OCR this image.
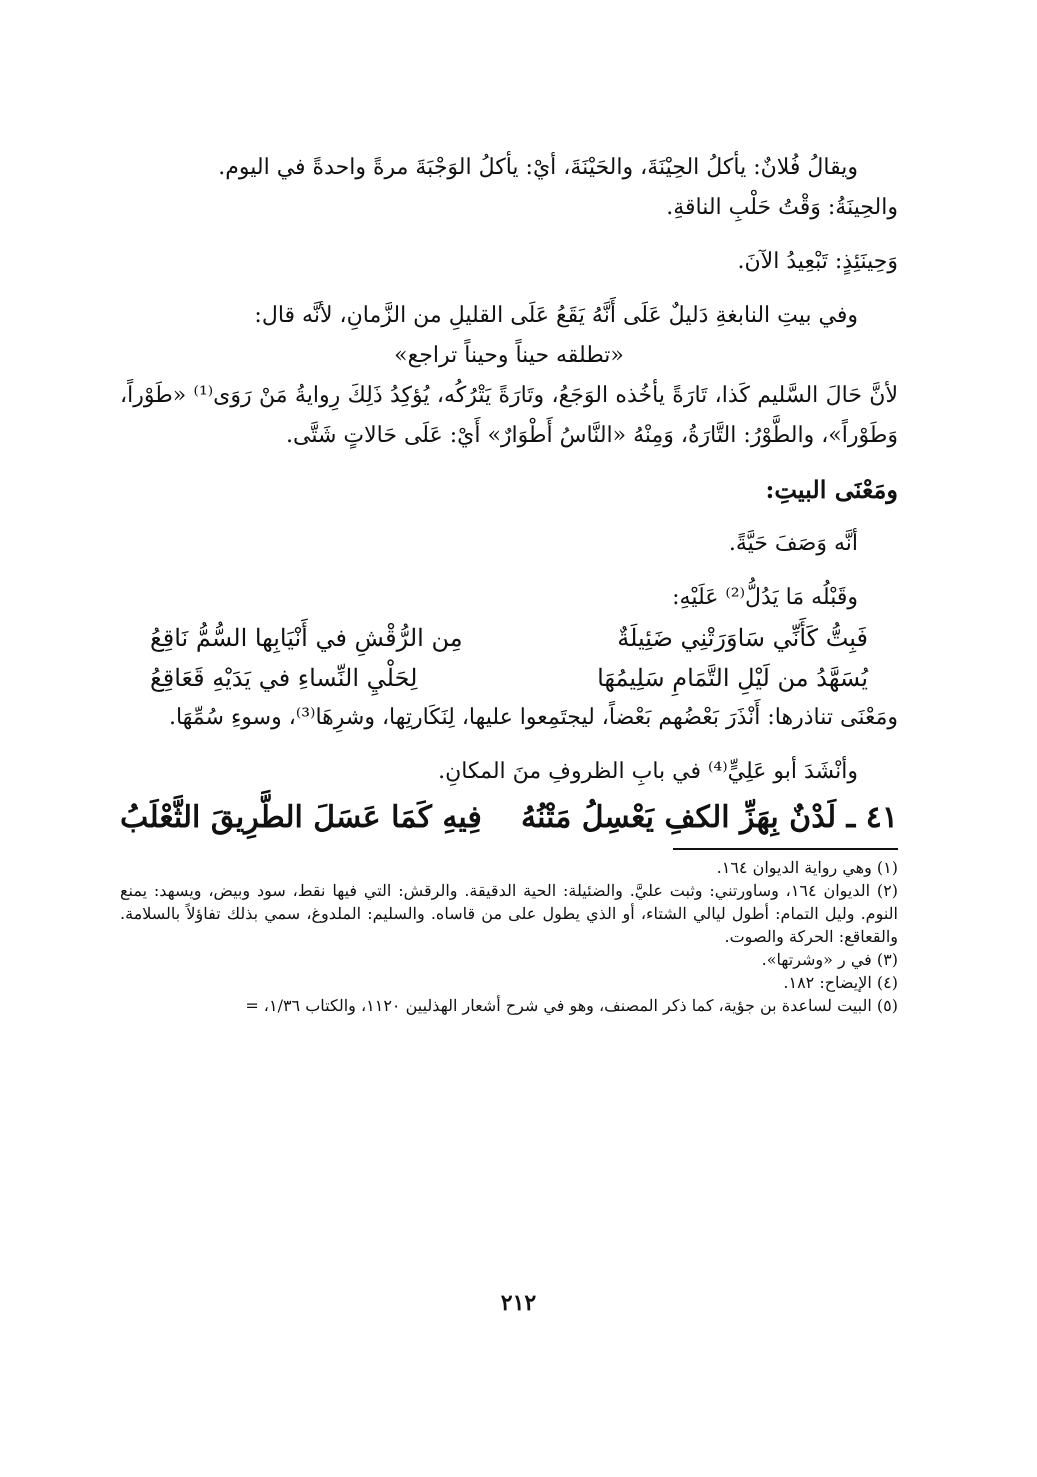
ويقالُ فُلانٌ: يأكلُ الحِيْنَةَ، والحَيْنَةَ، أيْ: يأكلُ الوَجْبَةَ مرةً واحدةً في اليوم.
والحِينَةُ: وَقْتُ حَلْبِ الناقةِ.
وَحِينَئِذٍ: تَبْعِيدُ الآنَ.
وفي بيتِ النابغةِ دَليلٌ عَلَى أَنَّهُ يَقَعُ عَلَى القليلِ من الزَّمانِ، لأنَّه قال:
«تطلقه حيناً وحيناً تراجع»
لأنَّ حَالَ السَّليم كَذا، تَارَةً يأخُذه الوَجَعُ، وتَارَةً يَتْرُكُه، يُؤكِدُ ذَلِكَ رِوايةُ مَنْ رَوَى⁽¹⁾ «طَوْراً، وَطَوْراً»، والطَّوْرُ: التَّارَةُ، وَمِنْهُ «النَّاسُ أَطْوَارٌ» أَيْ: عَلَى حَالاتٍ شَتَّى.
ومَعْنَى البيتِ:
أنَّه وَصَفَ حَيَّةً.
وقَبْلُه مَا يَدُلُّ⁽²⁾ عَلَيْهِ:
فَبِتُّ كَأَنِّي سَاوَرَتْنِي ضَئِيلَةٌ
مِن الرُّقْشِ في أَنْيَابِها السُّمُّ نَاقِعُ
يُسَهَّدُ من لَيْلِ التَّمَامِ سَلِيمُهَا
لِحَلْيِ النِّساءِ في يَدَيْهِ قَعَاقِعُ
ومَعْنَى تناذرها: أَنْذَرَ بَعْضُهم بَعْضاً، ليجتَمِعوا عليها، لِنَكَارتِها، وشرِهَا⁽³⁾، وسوءِ سُمِّهَا.
وأنْشَدَ أبو عَلِيٍّ⁽⁴⁾ في بابِ الظروفِ منَ المكانِ.
٤١ ـ لَدْنٌ بِهَزِّ الكفِ يَعْسِلُ مَتْنُهُ
فِيهِ كَمَا عَسَلَ الطَّرِيقَ الثَّعْلَبُ
(١) وهي رواية الديوان ١٦٤.
(٢) الديوان ١٦٤، وساورتني: وثبت عليَّ. والضئيلة: الحية الدقيقة. والرقش: التي فيها نقط، سود وبيض، ويسهد: يمنع النوم. وليل التمام: أطول ليالي الشتاء، أو الذي يطول على من قاساه. والسليم: الملدوغ، سمي بذلك تفاؤلاً بالسلامة. والقعاقع: الحركة والصوت.
(٣) في ر «وشرتها».
(٤) الإيضاح: ١٨٢.
(٥) البيت لساعدة بن جؤية، كما ذكر المصنف، وهو في شرح أشعار الهذليين ١١٢٠، والكتاب ١/٣٦، =
٢١٢
